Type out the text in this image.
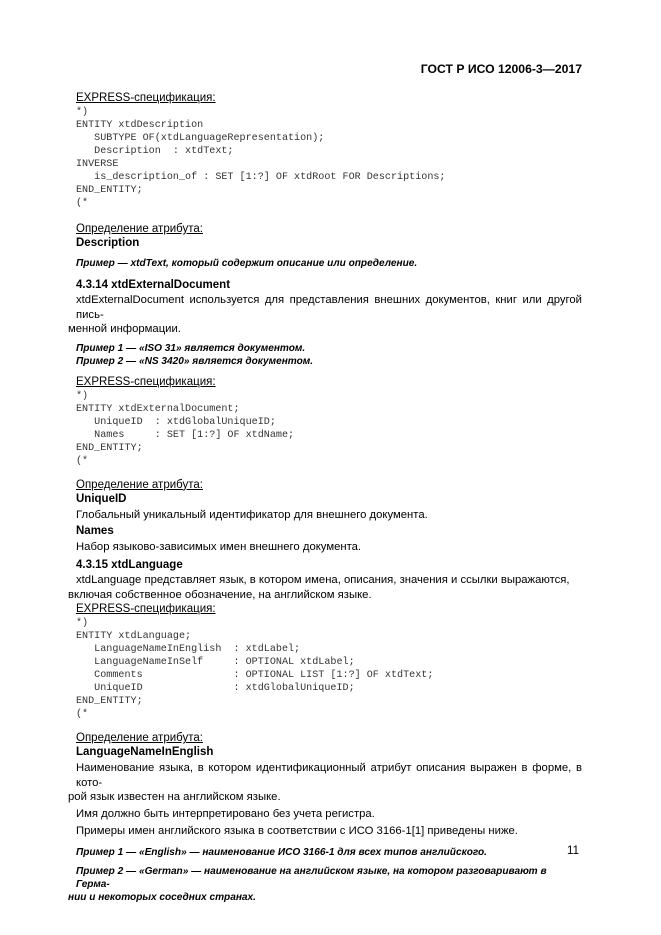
ГОСТ Р ИСО 12006-3—2017

EXPRESS-спецификация:

*)
ENTITY xtdDescription
SUBTYPE OF(xtdLanguageRepresentation);
Description  : xtdText;
INVERSE
is_description_of : SET [1:?] OF xtdRoot FOR Descriptions;
END_ENTITY;
(*

Определение атрибута:

Description

Пример — xtdText, который содержит описание или определение.

4.3.14 xtdExternalDocument

xtdExternalDocument используется для представления внешних документов, книг или другой пись-

менной информации.

Пример 1 — «ISO 31» является документом.

Пример 2 — «NS 3420» является документом.

EXPRESS-спецификация:

*)
ENTITY xtdExternalDocument;
UniqueID  : xtdGlobalUniqueID;
Names     : SET [1:?] OF xtdName;
END_ENTITY;
(*

Определение атрибута:

UniqueID

Глобальный уникальный идентификатор для внешнего документа.

Names

Набор языково-зависимых имен внешнего документа.

4.3.15 xtdLanguage

xtdLanguage представляет язык, в котором имена, описания, значения и ссылки выражаются,

включая собственное обозначение, на английском языке.

EXPRESS-спецификация:

*)
ENTITY xtdLanguage;
LanguageNameInEnglish  : xtdLabel;
LanguageNameInSelf     : OPTIONAL xtdLabel;
Comments               : OPTIONAL LIST [1:?] OF xtdText;
UniqueID               : xtdGlobalUniqueID;
END_ENTITY;
(*

Определение атрибута:

LanguageNameInEnglish

Наименование языка, в котором идентификационный атрибут описания выражен в форме, в кото-

рой язык известен на английском языке.

Имя должно быть интерпретировано без учета регистра.

Примеры имен английского языка в соответствии с ИСО 3166-1[1] приведены ниже.

Пример 1 — «English» — наименование ИСО 3166-1 для всех типов английского.

Пример 2 — «German» — наименование на английском языке, на котором разговаривают в Герма-

нии и некоторых соседних странах.

11
